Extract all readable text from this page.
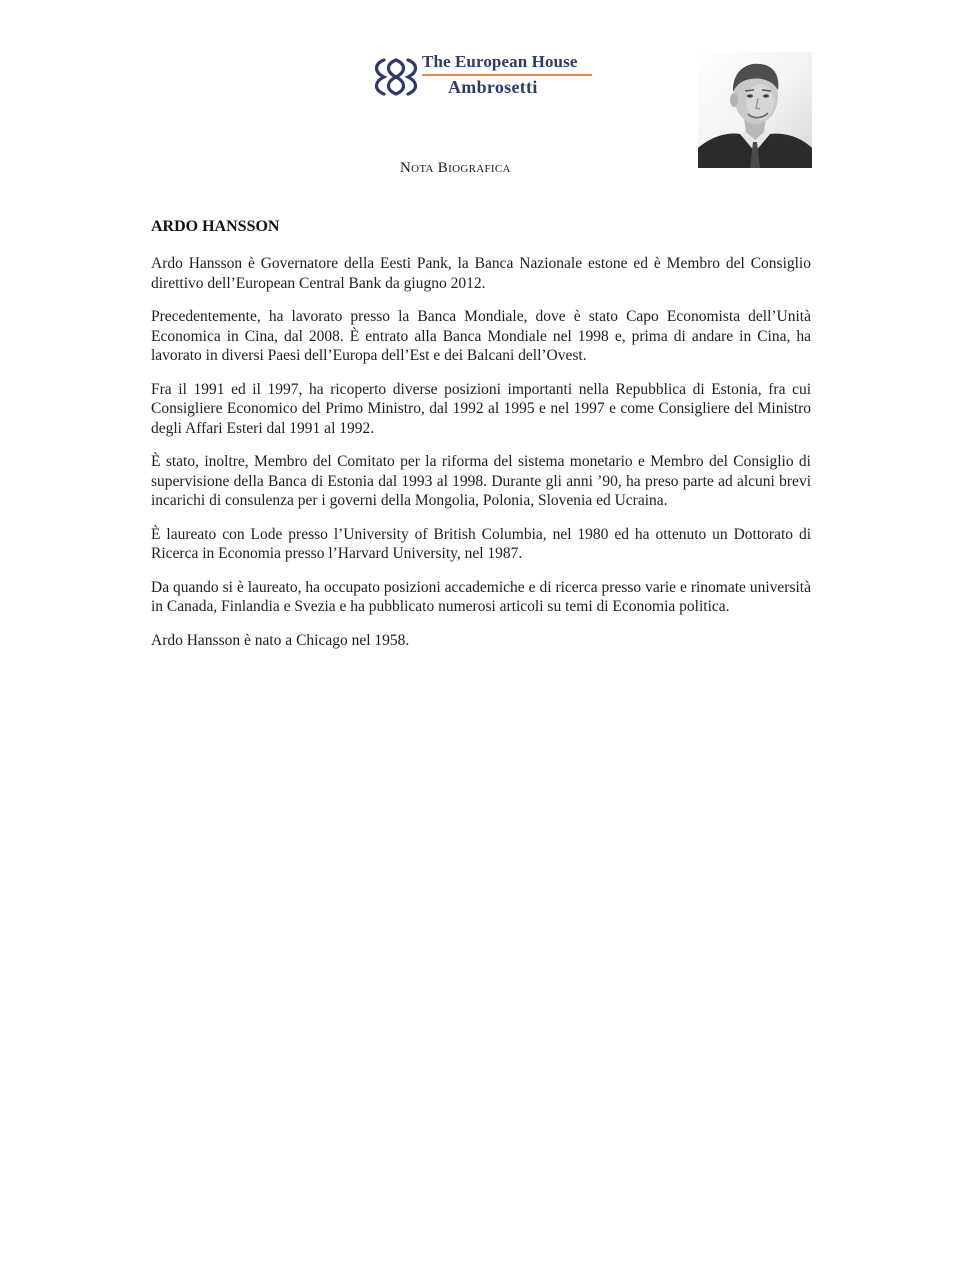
The European House
Ambrosetti
Nota Biografica
ARDO HANSSON

Ardo Hansson è Governatore della Eesti Pank, la Banca Nazionale estone ed è Membro del Consiglio direttivo dell’European Central Bank da giugno 2012.

Precedentemente, ha lavorato presso la Banca Mondiale, dove è stato Capo Economista dell’Unità Economica in Cina, dal 2008. È entrato alla Banca Mondiale nel 1998 e, prima di andare in Cina, ha lavorato in diversi Paesi dell’Europa dell’Est e dei Balcani dell’Ovest.

Fra il 1991 ed il 1997, ha ricoperto diverse posizioni importanti nella Repubblica di Estonia, fra cui Consigliere Economico del Primo Ministro, dal 1992 al 1995 e nel 1997 e come Consigliere del Ministro degli Affari Esteri dal 1991 al 1992.

È stato, inoltre, Membro del Comitato per la riforma del sistema monetario e Membro del Consiglio di supervisione della Banca di Estonia dal 1993 al 1998. Durante gli anni ’90, ha preso parte ad alcuni brevi incarichi di consulenza per i governi della Mongolia, Polonia, Slovenia ed Ucraina.

È laureato con Lode presso l’University of British Columbia, nel 1980 ed ha ottenuto un Dottorato di Ricerca in Economia presso l’Harvard University, nel 1987.

Da quando si è laureato, ha occupato posizioni accademiche e di ricerca presso varie e rinomate università in Canada, Finlandia e Svezia e ha pubblicato numerosi articoli su temi di Economia politica.

Ardo Hansson è nato a Chicago nel 1958.
